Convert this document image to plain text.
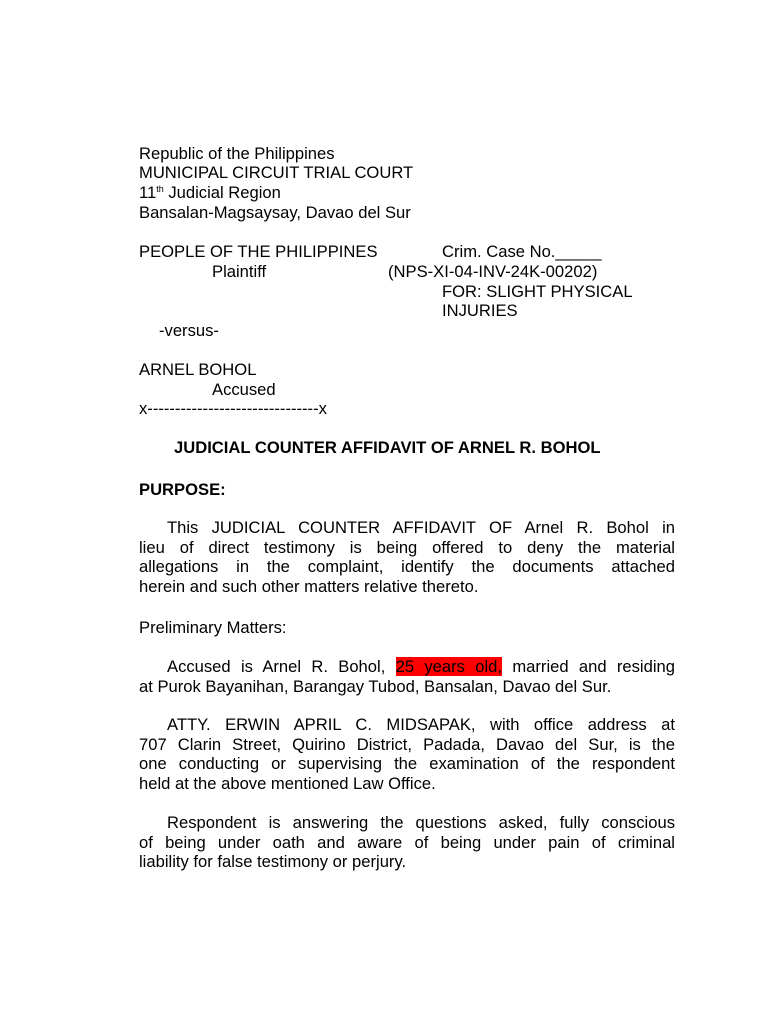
Republic of the Philippines
MUNICIPAL CIRCUIT TRIAL COURT
11th Judicial Region
Bansalan-Magsaysay, Davao del Sur
PEOPLE OF THE PHILIPPINES	Crim. Case No._____
Plaintiff	(NPS-XI-04-INV-24K-00202)
FOR: SLIGHT PHYSICAL
INJURIES
-versus-
ARNEL BOHOL
Accused
x-------------------------------x
JUDICIAL COUNTER AFFIDAVIT OF ARNEL R. BOHOL
PURPOSE:
This JUDICIAL COUNTER AFFIDAVIT OF Arnel R. Bohol in
lieu of direct testimony is being offered to deny the material
allegations in the complaint, identify the documents attached
herein and such other matters relative thereto.
Preliminary Matters:
Accused is Arnel R. Bohol, 25 years old, married and residing
at Purok Bayanihan, Barangay Tubod, Bansalan, Davao del Sur.
ATTY. ERWIN APRIL C. MIDSAPAK, with office address at
707 Clarin Street, Quirino District, Padada, Davao del Sur, is the
one conducting or supervising the examination of the respondent
held at the above mentioned Law Office.
Respondent is answering the questions asked, fully conscious
of being under oath and aware of being under pain of criminal
liability for false testimony or perjury.
